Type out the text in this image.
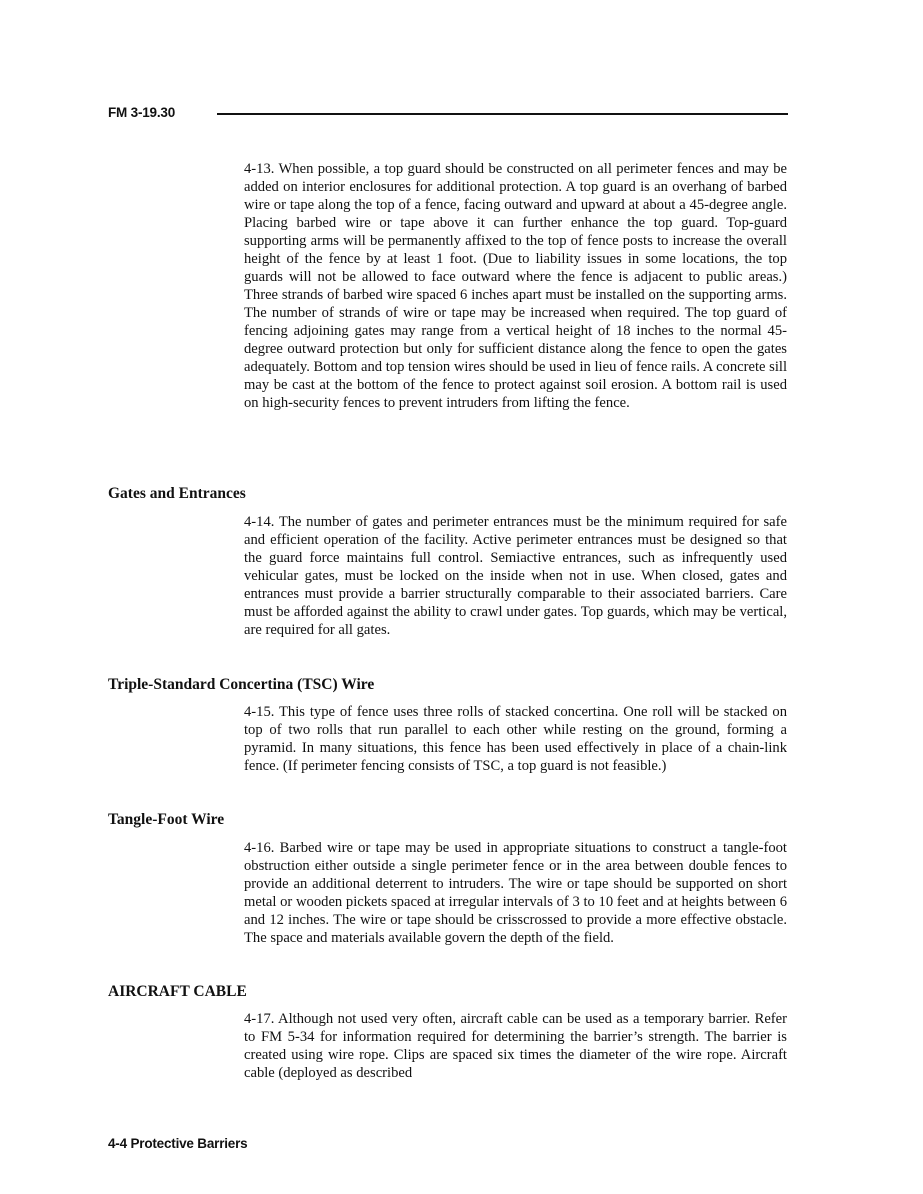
FM 3-19.30

4-13. When possible, a top guard should be constructed on all perimeter fences and may be added on interior enclosures for additional protection. A top guard is an overhang of barbed wire or tape along the top of a fence, facing outward and upward at about a 45-degree angle. Placing barbed wire or tape above it can further enhance the top guard. Top-guard supporting arms will be permanently affixed to the top of fence posts to increase the overall height of the fence by at least 1 foot. (Due to liability issues in some locations, the top guards will not be allowed to face outward where the fence is adjacent to public areas.) Three strands of barbed wire spaced 6 inches apart must be installed on the supporting arms. The number of strands of wire or tape may be increased when required. The top guard of fencing adjoining gates may range from a vertical height of 18 inches to the normal 45-degree outward protection but only for sufficient distance along the fence to open the gates adequately. Bottom and top tension wires should be used in lieu of fence rails. A concrete sill may be cast at the bottom of the fence to protect against soil erosion. A bottom rail is used on high-security fences to prevent intruders from lifting the fence.

Gates and Entrances

4-14. The number of gates and perimeter entrances must be the minimum required for safe and efficient operation of the facility. Active perimeter entrances must be designed so that the guard force maintains full control. Semiactive entrances, such as infrequently used vehicular gates, must be locked on the inside when not in use. When closed, gates and entrances must provide a barrier structurally comparable to their associated barriers. Care must be afforded against the ability to crawl under gates. Top guards, which may be vertical, are required for all gates.

Triple-Standard Concertina (TSC) Wire

4-15. This type of fence uses three rolls of stacked concertina. One roll will be stacked on top of two rolls that run parallel to each other while resting on the ground, forming a pyramid. In many situations, this fence has been used effectively in place of a chain-link fence. (If perimeter fencing consists of TSC, a top guard is not feasible.)

Tangle-Foot Wire

4-16. Barbed wire or tape may be used in appropriate situations to construct a tangle-foot obstruction either outside a single perimeter fence or in the area between double fences to provide an additional deterrent to intruders. The wire or tape should be supported on short metal or wooden pickets spaced at irregular intervals of 3 to 10 feet and at heights between 6 and 12 inches. The wire or tape should be crisscrossed to provide a more effective obstacle. The space and materials available govern the depth of the field.

AIRCRAFT CABLE

4-17. Although not used very often, aircraft cable can be used as a temporary barrier. Refer to FM 5-34 for information required for determining the barrier’s strength. The barrier is created using wire rope. Clips are spaced six times the diameter of the wire rope. Aircraft cable (deployed as described

4-4 Protective Barriers
